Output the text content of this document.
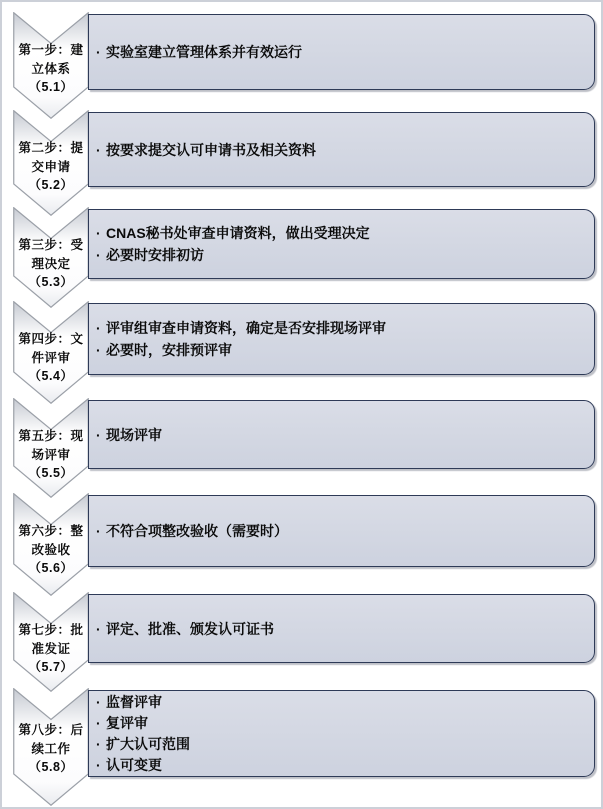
第一步：建
立体系
（5.1）
· 实验室建立管理体系并有效运行
第二步：提
交申请
（5.2）
· 按要求提交认可申请书及相关资料
第三步：受
理决定
（5.3）
· CNAS秘书处审查申请资料，做出受理决定
· 必要时安排初访
第四步：文
件评审
（5.4）
· 评审组审查申请资料，确定是否安排现场评审
· 必要时，安排预评审
第五步：现
场评审
（5.5）
· 现场评审
第六步：整
改验收
（5.6）
· 不符合项整改验收（需要时）
第七步：批
准发证
（5.7）
· 评定、批准、颁发认可证书
第八步：后
续工作
（5.8）
· 监督评审
· 复评审
· 扩大认可范围
· 认可变更
